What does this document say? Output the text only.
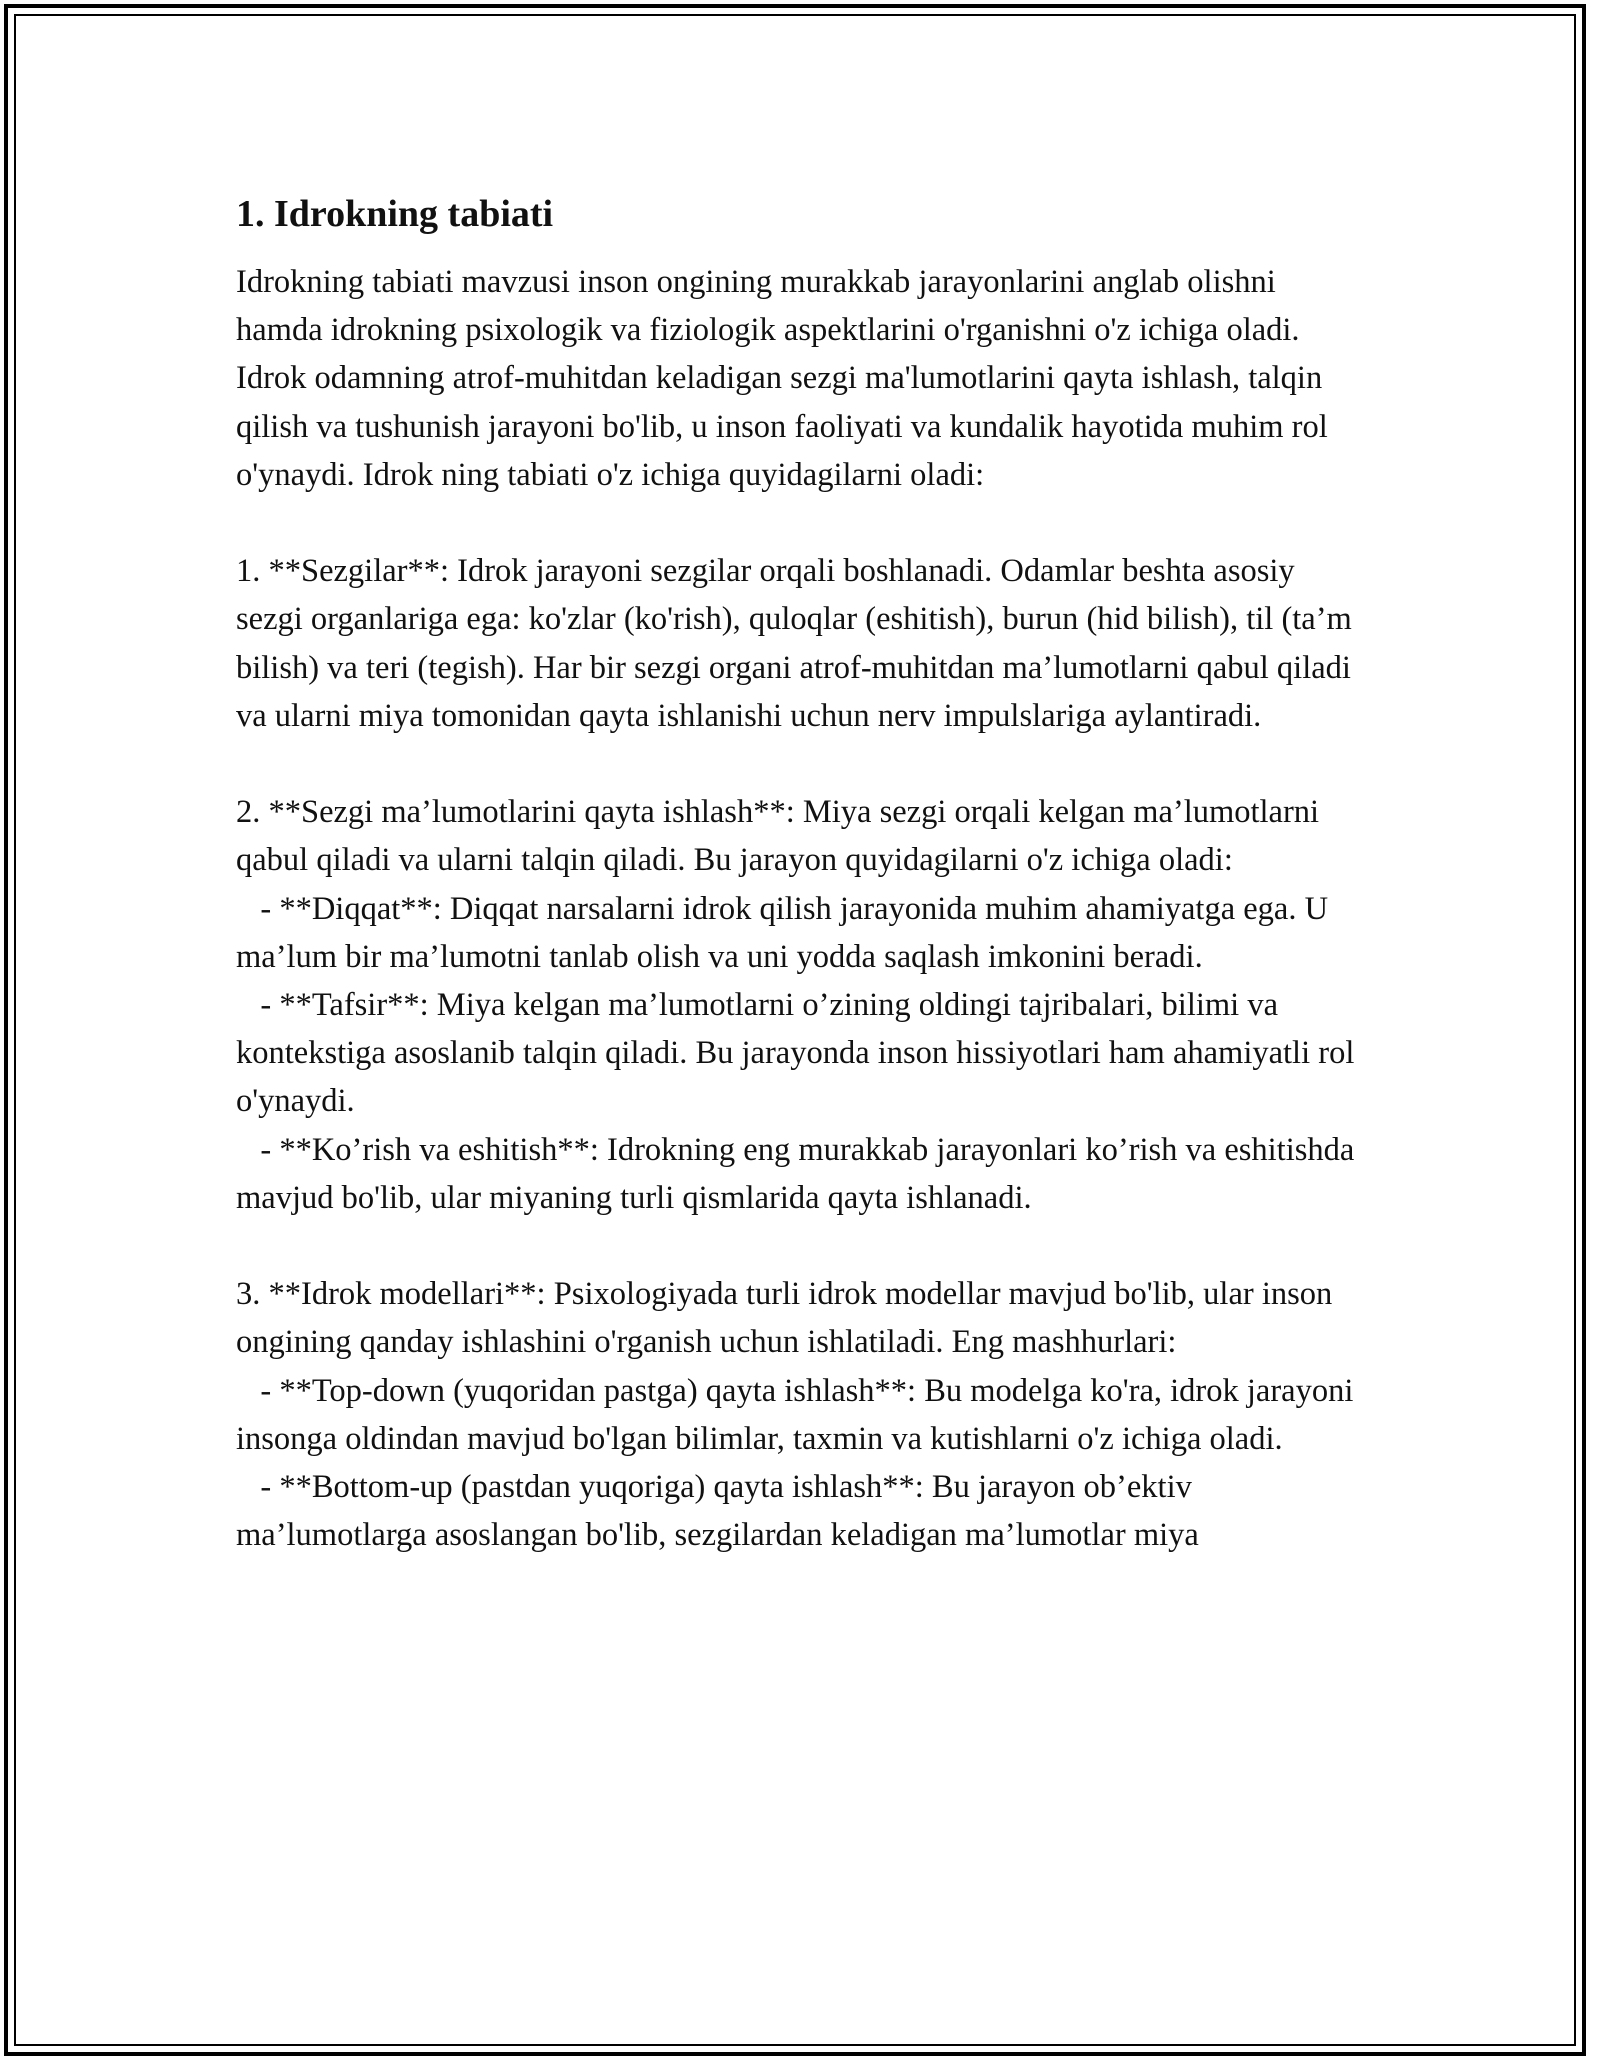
1. Idrokning tabiati

Idrokning tabiati mavzusi inson ongining murakkab jarayonlarini anglab olishni hamda idrokning psixologik va fiziologik aspektlarini o'rganishni o'z ichiga oladi. Idrok odamning atrof-muhitdan keladigan sezgi ma'lumotlarini qayta ishlash, talqin qilish va tushunish jarayoni bo'lib, u inson faoliyati va kundalik hayotida muhim rol o'ynaydi. Idrok ning tabiati o'z ichiga quyidagilarni oladi:

1. **Sezgilar**: Idrok jarayoni sezgilar orqali boshlanadi. Odamlar beshta asosiy sezgi organlariga ega: ko'zlar (ko'rish), quloqlar (eshitish), burun (hid bilish), til (ta’m bilish) va teri (tegish). Har bir sezgi organi atrof-muhitdan ma’lumotlarni qabul qiladi va ularni miya tomonidan qayta ishlanishi uchun nerv impulslariga aylantiradi.

2. **Sezgi ma’lumotlarini qayta ishlash**: Miya sezgi orqali kelgan ma’lumotlarni qabul qiladi va ularni talqin qiladi. Bu jarayon quyidagilarni o'z ichiga oladi:

- **Diqqat**: Diqqat narsalarni idrok qilish jarayonida muhim ahamiyatga ega. U ma’lum bir ma’lumotni tanlab olish va uni yodda saqlash imkonini beradi.

- **Tafsir**: Miya kelgan ma’lumotlarni o’zining oldingi tajribalari, bilimi va kontekstiga asoslanib talqin qiladi. Bu jarayonda inson hissiyotlari ham ahamiyatli rol o'ynaydi.

- **Ko’rish va eshitish**: Idrokning eng murakkab jarayonlari ko’rish va eshitishda mavjud bo'lib, ular miyaning turli qismlarida qayta ishlanadi.

3. **Idrok modellari**: Psixologiyada turli idrok modellar mavjud bo'lib, ular inson ongining qanday ishlashini o'rganish uchun ishlatiladi. Eng mashhurlari:

- **Top-down (yuqoridan pastga) qayta ishlash**: Bu modelga ko'ra, idrok jarayoni insonga oldindan mavjud bo'lgan bilimlar, taxmin va kutishlarni o'z ichiga oladi.

- **Bottom-up (pastdan yuqoriga) qayta ishlash**: Bu jarayon ob’ektiv ma’lumotlarga asoslangan bo'lib, sezgilardan keladigan ma’lumotlar miya
